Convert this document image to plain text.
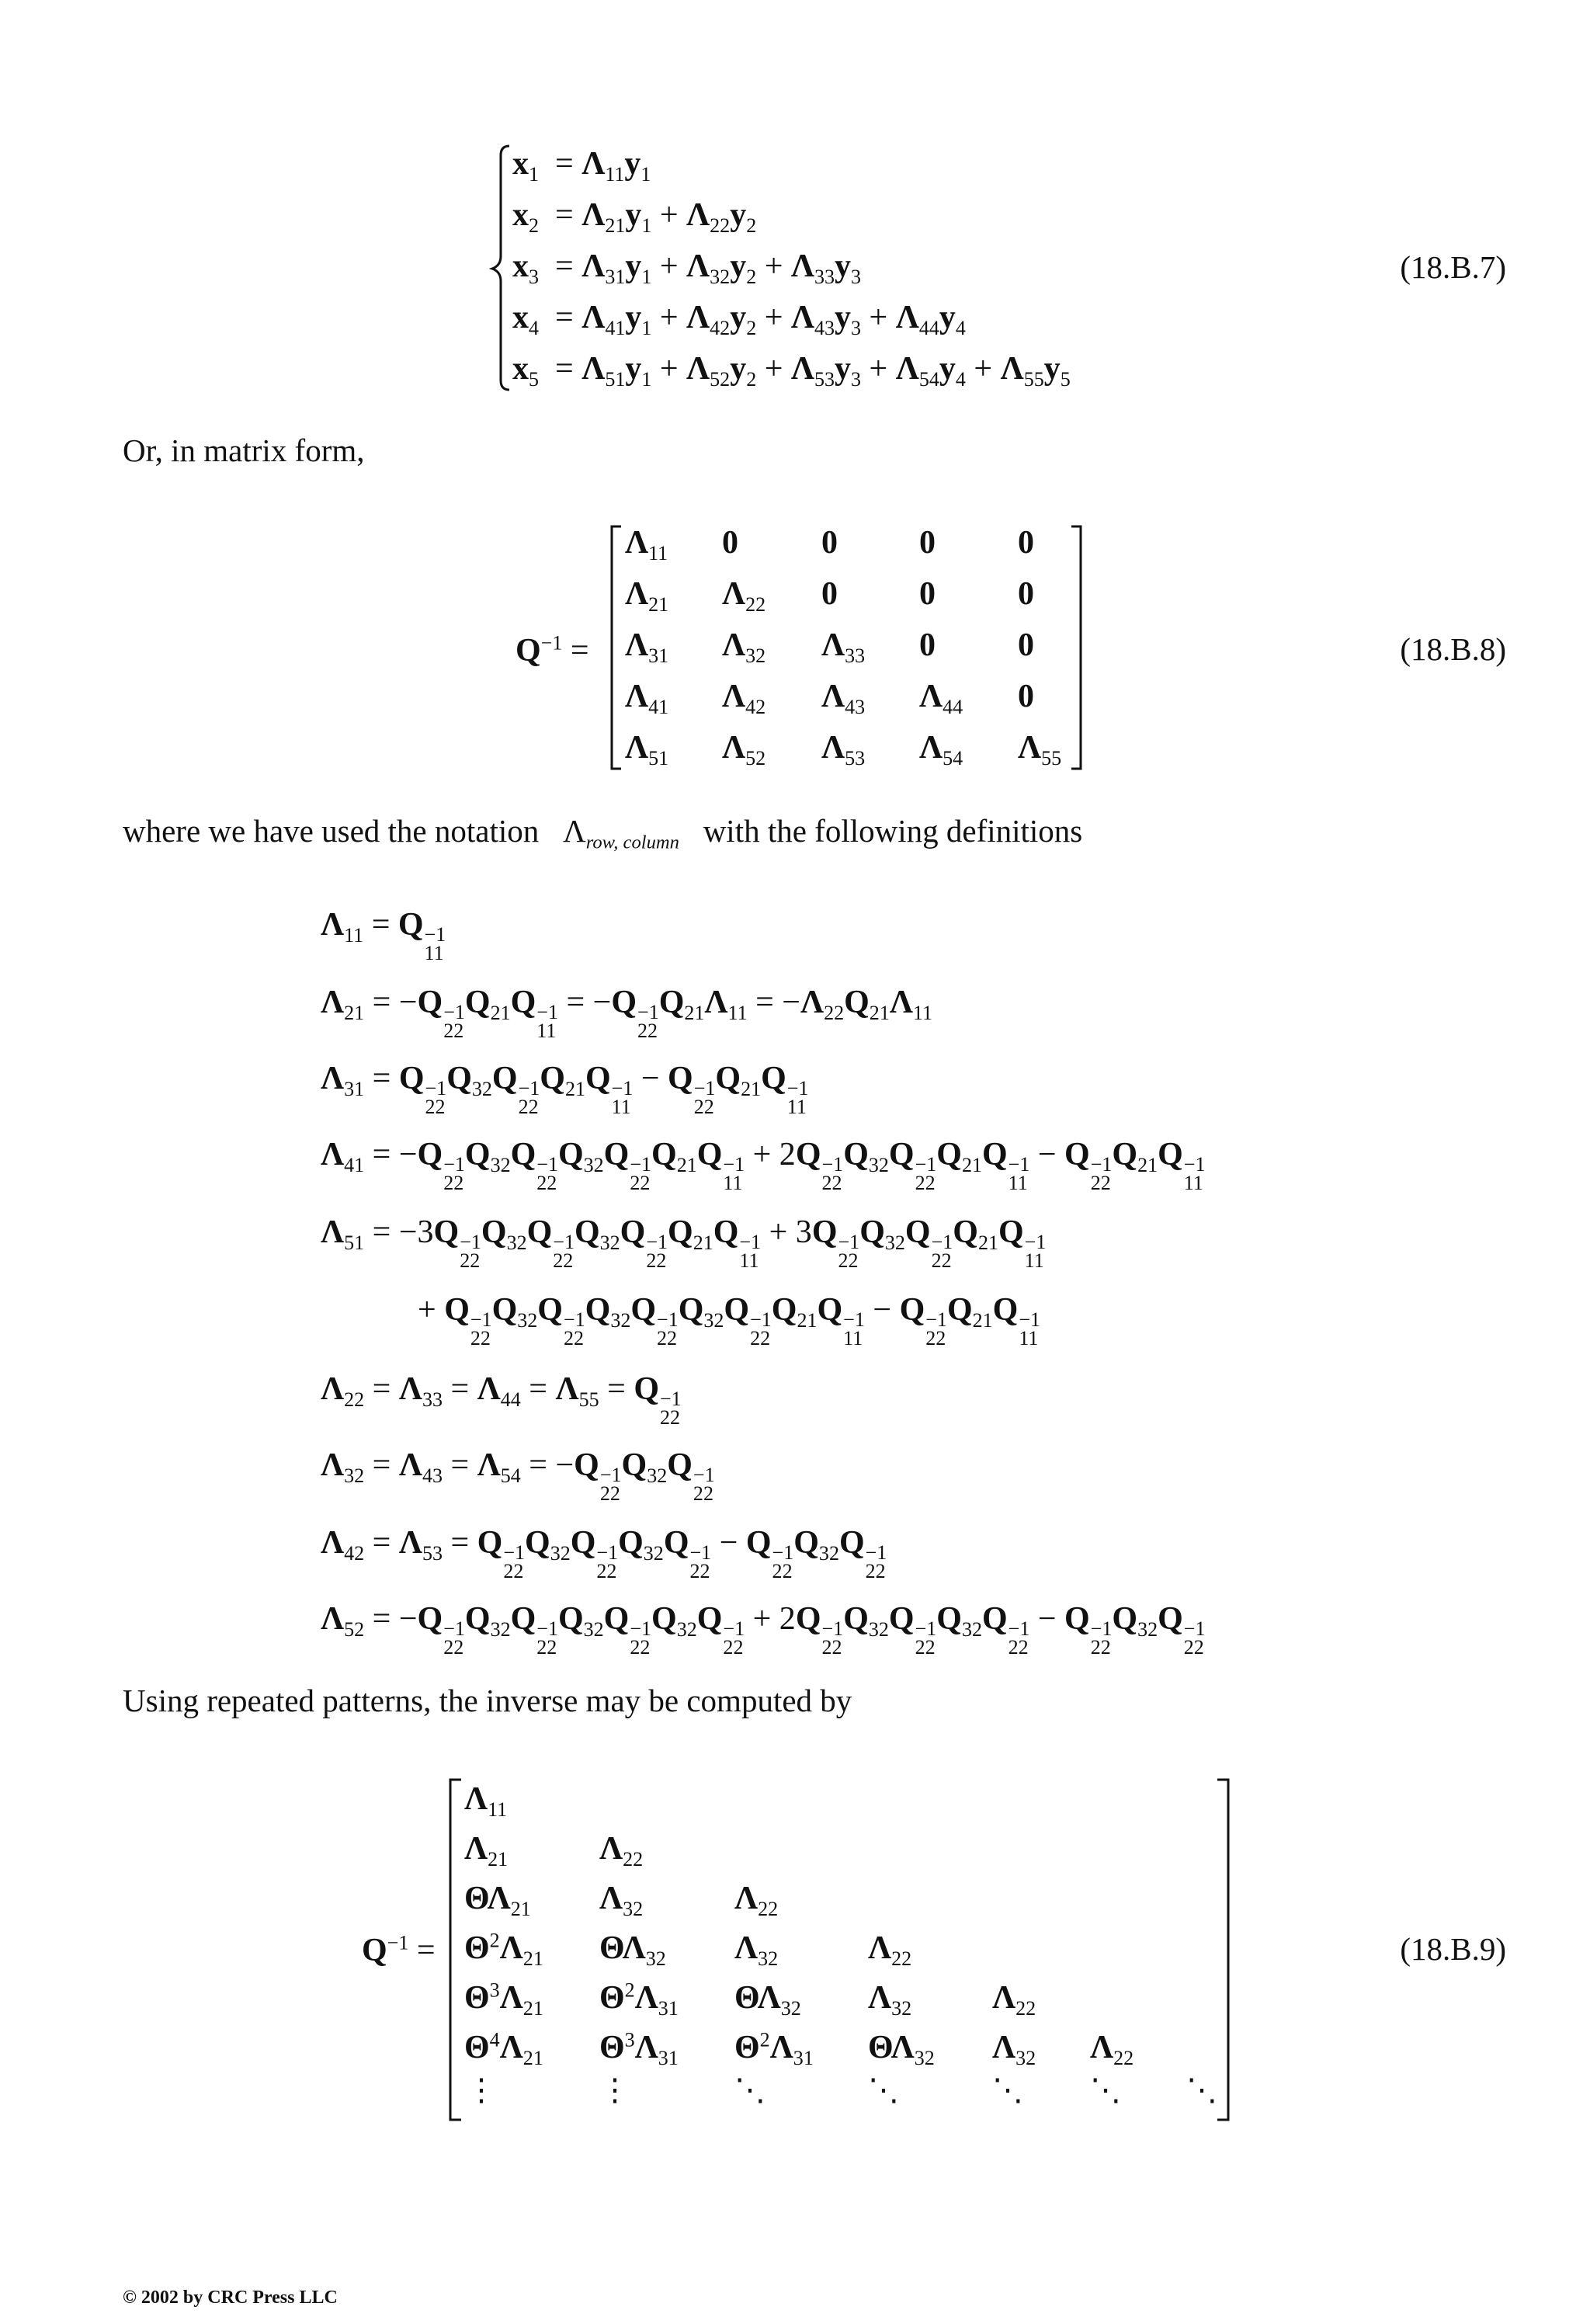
$x_1 = \Lambda_{11}y_1$
$x_2 = \Lambda_{21}y_1 + \Lambda_{22}y_2$
$x_3 = \Lambda_{31}y_1 + \Lambda_{32}y_2 + \Lambda_{33}y_3$
$x_4 = \Lambda_{41}y_1 + \Lambda_{42}y_2 + \Lambda_{43}y_3 + \Lambda_{44}y_4$
$x_5 = \Lambda_{51}y_1 + \Lambda_{52}y_2 + \Lambda_{53}y_3 + \Lambda_{54}y_4 + \Lambda_{55}y_5$
(18.B.7)
Or, in matrix form,
$Q^{-1}$ =
$\Lambda_{11}$ 0	0	0	0
$\Lambda_{21}$ $\Lambda_{22}$ 0	0	0
$\Lambda_{31}$ $\Lambda_{32}$ $\Lambda_{33}$ 0	0
$\Lambda_{41}$ $\Lambda_{42}$ $\Lambda_{43}$ $\Lambda_{44}$ 0
$\Lambda_{51}$ $\Lambda_{52}$ $\Lambda_{53}$ $\Lambda_{54}$ $\Lambda_{55}$
(18.B.8)
where we have used the notation $\Lambda_{row, column}$ with the following definitions
$\Lambda_{11} = Q -1$
11
$\Lambda_{21} = -Q -1$
22
$Q_{21}Q -1$
11
= −Q −1
22
$Q_{21}\Lambda_{11} = -\Lambda_{22}Q_{21}\Lambda_{11}$
$\Lambda_{31} = Q -1$
22
$Q_{32}Q -1$
22
$Q_{21}Q -1$
11
− Q −1
22
$Q_{21}Q -1$
11
$\Lambda_{41} = -Q -1$
22
$Q_{32}Q -1$
22
$Q_{32}Q -1$
22
$Q_{21}Q -1$
11
+ 2Q −1
22
$Q_{32}Q -1$
22
$Q_{21}Q -1$
11
− Q −1
22
$Q_{21}Q -1$
11
$\Lambda_{51} = -3Q -1$
22
$Q_{32}Q -1$
22
$Q_{32}Q -1$
22
$Q_{21}Q -1$
11
+ 3Q −1
22
$Q_{32}Q -1$
22
$Q_{21}Q -1$
11
+ Q −1
22
$Q_{32}Q -1$
22
$Q_{32}Q -1$
22
$Q_{32}Q -1$
22
$Q_{21}Q -1$
11
− Q −1
22
$Q_{21}Q -1$
11
$\Lambda_{22} = \Lambda_{33} = \Lambda_{44} = \Lambda_{55} = Q -1$
22
$\Lambda_{32} = \Lambda_{43} = \Lambda_{54} = -Q -1$
22
$Q_{32}Q -1$
22
$\Lambda_{42} = \Lambda_{53} = Q -1$
22
$Q_{32}Q -1$
22
$Q_{32}Q -1$
22
− Q −1
22
$Q_{32}Q -1$
22
$\Lambda_{52} = -Q -1$
22
$Q_{32}Q -1$
22
$Q_{32}Q -1$
22
$Q_{32}Q -1$
22
+ 2Q −1
22
$Q_{32}Q -1$
22
$Q_{32}Q -1$
22
− Q −1
22
$Q_{32}Q -1$
22
Using repeated patterns, the inverse may be computed by
$Q^{-1}$ =
$\Lambda_{11}$
$\Lambda_{21}$	$\Lambda_{22}$
$\Theta\Lambda_{21}$ $\Lambda_{32}$	$\Lambda_{22}$
$\Theta^2\Lambda_{21}$ $\Theta\Lambda_{32}$ $\Lambda_{32}$	$\Lambda_{22}$
$\Theta^3\Lambda_{21}$ $\Theta^2\Lambda_{31}$ $\Theta\Lambda_{32}$ $\Lambda_{32}$ $\Lambda_{22}$
$\Theta^4\Lambda_{21}$ $\Theta^3\Lambda_{31}$ $\Theta^2\Lambda_{31}$ $\Theta\Lambda_{32}$ $\Lambda_{32}$ $\Lambda_{22}$
⋮	⋮	⋱	⋱	⋱ ⋱ ⋱
(18.B.9)
© 2002 by CRC Press LLC
